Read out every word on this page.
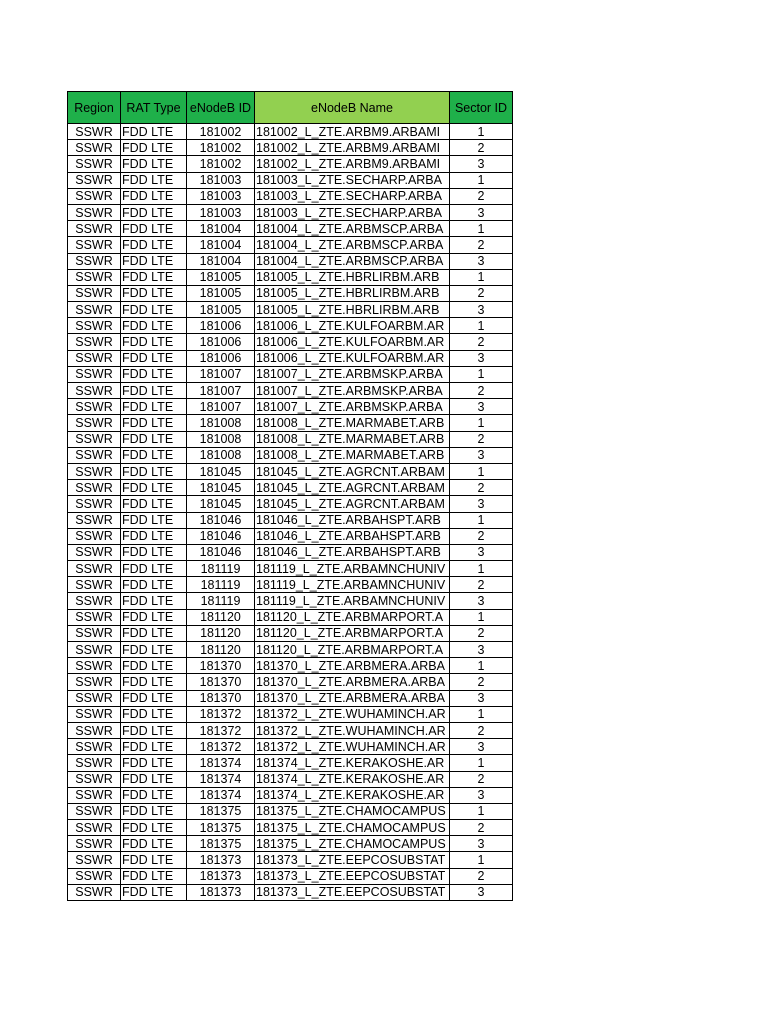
Region	RAT Type	eNodeB ID	eNodeB Name	Sector ID
SSWR	FDD LTE	181002	181002_L_ZTE.ARBM9.ARBAMI	1
SSWR	FDD LTE	181002	181002_L_ZTE.ARBM9.ARBAMI	2
SSWR	FDD LTE	181002	181002_L_ZTE.ARBM9.ARBAMI	3
SSWR	FDD LTE	181003	181003_L_ZTE.SECHARP.ARBA	1
SSWR	FDD LTE	181003	181003_L_ZTE.SECHARP.ARBA	2
SSWR	FDD LTE	181003	181003_L_ZTE.SECHARP.ARBA	3
SSWR	FDD LTE	181004	181004_L_ZTE.ARBMSCP.ARBA	1
SSWR	FDD LTE	181004	181004_L_ZTE.ARBMSCP.ARBA	2
SSWR	FDD LTE	181004	181004_L_ZTE.ARBMSCP.ARBA	3
SSWR	FDD LTE	181005	181005_L_ZTE.HBRLIRBM.ARB	1
SSWR	FDD LTE	181005	181005_L_ZTE.HBRLIRBM.ARB	2
SSWR	FDD LTE	181005	181005_L_ZTE.HBRLIRBM.ARB	3
SSWR	FDD LTE	181006	181006_L_ZTE.KULFOARBM.AR	1
SSWR	FDD LTE	181006	181006_L_ZTE.KULFOARBM.AR	2
SSWR	FDD LTE	181006	181006_L_ZTE.KULFOARBM.AR	3
SSWR	FDD LTE	181007	181007_L_ZTE.ARBMSKP.ARBA	1
SSWR	FDD LTE	181007	181007_L_ZTE.ARBMSKP.ARBA	2
SSWR	FDD LTE	181007	181007_L_ZTE.ARBMSKP.ARBA	3
SSWR	FDD LTE	181008	181008_L_ZTE.MARMABET.ARB	1
SSWR	FDD LTE	181008	181008_L_ZTE.MARMABET.ARB	2
SSWR	FDD LTE	181008	181008_L_ZTE.MARMABET.ARB	3
SSWR	FDD LTE	181045	181045_L_ZTE.AGRCNT.ARBAM	1
SSWR	FDD LTE	181045	181045_L_ZTE.AGRCNT.ARBAM	2
SSWR	FDD LTE	181045	181045_L_ZTE.AGRCNT.ARBAM	3
SSWR	FDD LTE	181046	181046_L_ZTE.ARBAHSPT.ARB	1
SSWR	FDD LTE	181046	181046_L_ZTE.ARBAHSPT.ARB	2
SSWR	FDD LTE	181046	181046_L_ZTE.ARBAHSPT.ARB	3
SSWR	FDD LTE	181119	181119_L_ZTE.ARBAMNCHUNIV	1
SSWR	FDD LTE	181119	181119_L_ZTE.ARBAMNCHUNIV	2
SSWR	FDD LTE	181119	181119_L_ZTE.ARBAMNCHUNIV	3
SSWR	FDD LTE	181120	181120_L_ZTE.ARBMARPORT.A	1
SSWR	FDD LTE	181120	181120_L_ZTE.ARBMARPORT.A	2
SSWR	FDD LTE	181120	181120_L_ZTE.ARBMARPORT.A	3
SSWR	FDD LTE	181370	181370_L_ZTE.ARBMERA.ARBA	1
SSWR	FDD LTE	181370	181370_L_ZTE.ARBMERA.ARBA	2
SSWR	FDD LTE	181370	181370_L_ZTE.ARBMERA.ARBA	3
SSWR	FDD LTE	181372	181372_L_ZTE.WUHAMINCH.AR	1
SSWR	FDD LTE	181372	181372_L_ZTE.WUHAMINCH.AR	2
SSWR	FDD LTE	181372	181372_L_ZTE.WUHAMINCH.AR	3
SSWR	FDD LTE	181374	181374_L_ZTE.KERAKOSHE.AR	1
SSWR	FDD LTE	181374	181374_L_ZTE.KERAKOSHE.AR	2
SSWR	FDD LTE	181374	181374_L_ZTE.KERAKOSHE.AR	3
SSWR	FDD LTE	181375	181375_L_ZTE.CHAMOCAMPUS	1
SSWR	FDD LTE	181375	181375_L_ZTE.CHAMOCAMPUS	2
SSWR	FDD LTE	181375	181375_L_ZTE.CHAMOCAMPUS	3
SSWR	FDD LTE	181373	181373_L_ZTE.EEPCOSUBSTAT	1
SSWR	FDD LTE	181373	181373_L_ZTE.EEPCOSUBSTAT	2
SSWR	FDD LTE	181373	181373_L_ZTE.EEPCOSUBSTAT	3
